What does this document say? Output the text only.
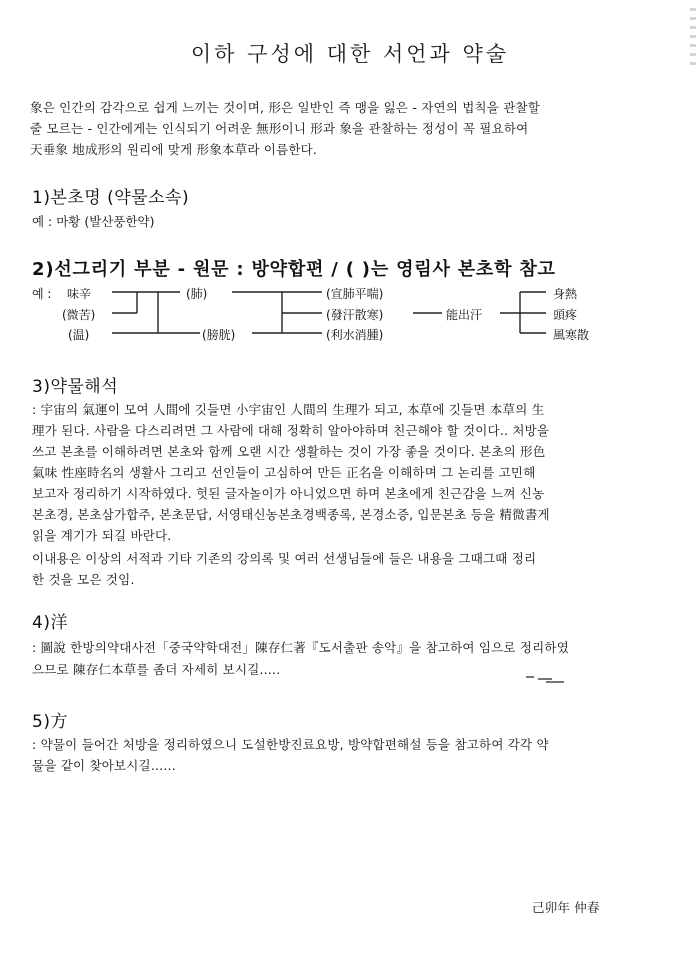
이하 구성에 대한 서언과 약술
象은 인간의 감각으로 쉽게 느끼는 것이며, 形은 일반인 즉 맹을 잃은 - 자연의 법칙을 관찰할
줄 모르는 - 인간에게는 인식되기 어려운 無形이니 形과 象을 관찰하는 정성이 꼭 필요하여
天垂象 地成形의 원리에 맞게 形象本草라 이름한다.
1)본초명 (약물소속)
예 : 마황 (발산풍한약)
2)선그리기 부분 - 원문 : 방약합편 / ( )는 영림사 본초학 참고
예 : 味辛
(微苦)
(温)
(肺)
(膀胱)
(宣肺平喘)
(發汗散寒)
(利水消腫)
能出汗
身熱
頭疼
風寒散
3)약물해석
: 宇宙의 氣運이 모여 人間에 깃들면 小宇宙인 人間의 生理가 되고, 本草에 깃들면 本草의 生
理가 된다. 사람을 다스리려면 그 사람에 대해 정확히 알아야하며 친근해야 할 것이다.. 처방을
쓰고 본초를 이해하려면 본초와 함께 오랜 시간 생활하는 것이 가장 좋을 것이다. 본초의 形色
氣味 性座時名의 생활사 그리고 선인들이 고심하여 만든 正名을 이해하며 그 논리를 고민해
보고자 정리하기 시작하였다. 헛된 글자놀이가 아니었으면 하며 본초에게 친근감을 느껴 신농
본초경, 본초삼가합주, 본초문답, 서영태신농본초경백종록, 본경소증, 입문본초 등을 精微書게
읽을 계기가 되길 바란다.
이내용은 이상의 서적과 기타 기존의 강의록 및 여러 선생님들에 들은 내용을 그때그때 정리
한 것을 모은 것임.
4)洋
: 圖說 한방의약대사전「중국약학대전」陳存仁著『도서출판 송악』을 참고하여 임으로 정리하였
으므로 陳存仁本草를 좀더 자세히 보시길.....
5)方
: 약물이 들어간 처방을 정리하였으니 도설한방진료요방, 방약합편해설 등을 참고하여 각각 약
물을 같이 찾아보시길......
己卯年 仲春
